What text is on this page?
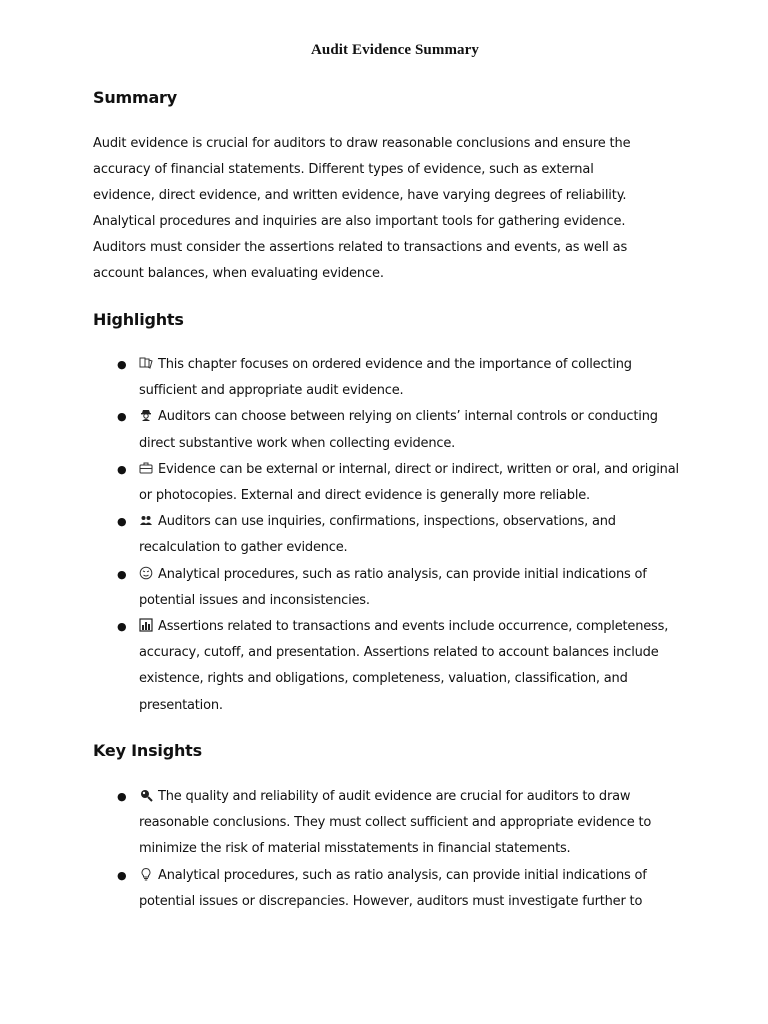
Audit Evidence Summary
Summary

Audit evidence is crucial for auditors to draw reasonable conclusions and ensure the accuracy of financial statements. Different types of evidence, such as external evidence, direct evidence, and written evidence, have varying degrees of reliability. Analytical procedures and inquiries are also important tools for gathering evidence. Auditors must consider the assertions related to transactions and events, as well as account balances, when evaluating evidence.

Highlights
● This chapter focuses on ordered evidence and the importance of collecting sufficient and appropriate audit evidence.
● Auditors can choose between relying on clients’ internal controls or conducting direct substantive work when collecting evidence.
● Evidence can be external or internal, direct or indirect, written or oral, and original or photocopies. External and direct evidence is generally more reliable.
● Auditors can use inquiries, confirmations, inspections, observations, and recalculation to gather evidence.
● Analytical procedures, such as ratio analysis, can provide initial indications of potential issues and inconsistencies.
● Assertions related to transactions and events include occurrence, completeness, accuracy, cutoff, and presentation. Assertions related to account balances include existence, rights and obligations, completeness, valuation, classification, and presentation.
Key Insights
● The quality and reliability of audit evidence are crucial for auditors to draw reasonable conclusions. They must collect sufficient and appropriate evidence to minimize the risk of material misstatements in financial statements.
● Analytical procedures, such as ratio analysis, can provide initial indications of potential issues or discrepancies. However, auditors must investigate further to
